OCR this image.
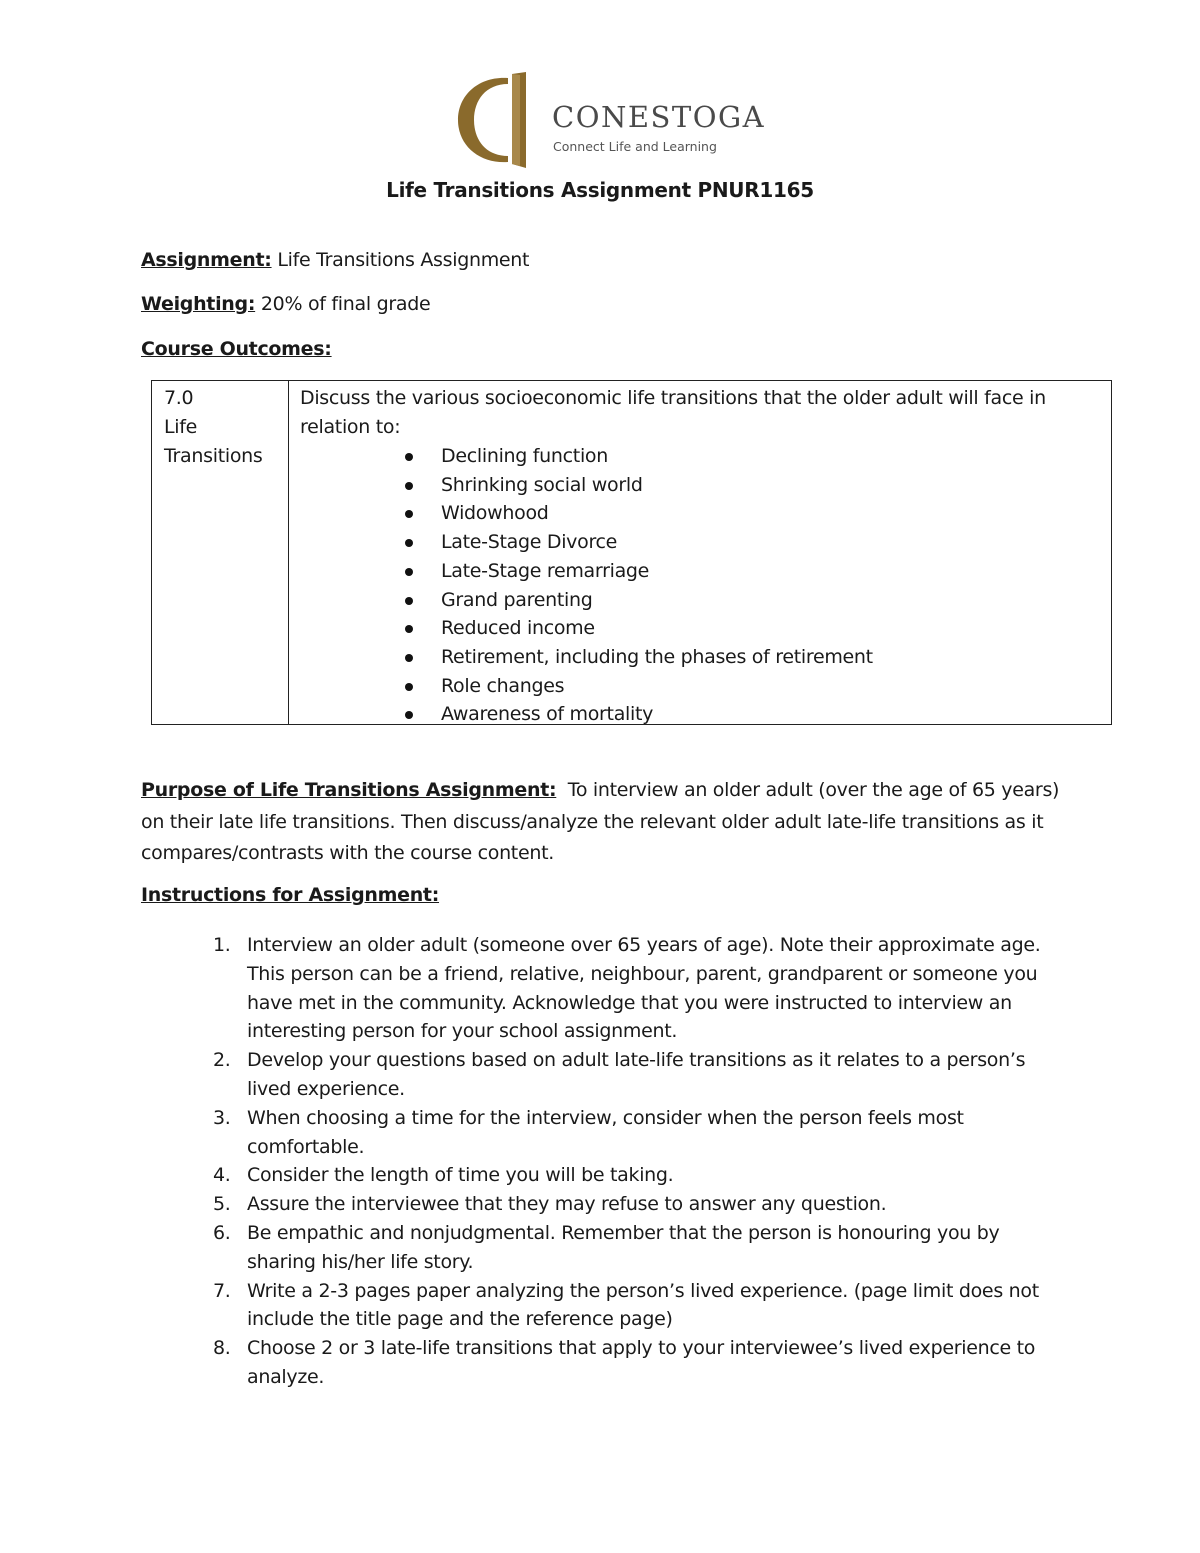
CONESTOGA
Connect Life and Learning
Life Transitions Assignment PNUR1165
Assignment: Life Transitions Assignment
Weighting: 20% of final grade
Course Outcomes:
7.0
Life
Transitions
Discuss the various socioeconomic life transitions that the older adult will face in relation to:
Declining function
Shrinking social world
Widowhood
Late-Stage Divorce
Late-Stage remarriage
Grand parenting
Reduced income
Retirement, including the phases of retirement
Role changes
Awareness of mortality
Purpose of Life Transitions Assignment: To interview an older adult (over the age of 65 years) on their late life transitions. Then discuss/analyze the relevant older adult late-life transitions as it compares/contrasts with the course content.
Instructions for Assignment:
1. Interview an older adult (someone over 65 years of age). Note their approximate age. This person can be a friend, relative, neighbour, parent, grandparent or someone you have met in the community. Acknowledge that you were instructed to interview an interesting person for your school assignment.
2. Develop your questions based on adult late-life transitions as it relates to a person’s lived experience.
3. When choosing a time for the interview, consider when the person feels most comfortable.
4. Consider the length of time you will be taking.
5. Assure the interviewee that they may refuse to answer any question.
6. Be empathic and nonjudgmental. Remember that the person is honouring you by sharing his/her life story.
7. Write a 2-3 pages paper analyzing the person’s lived experience. (page limit does not include the title page and the reference page)
8. Choose 2 or 3 late-life transitions that apply to your interviewee’s lived experience to analyze.
